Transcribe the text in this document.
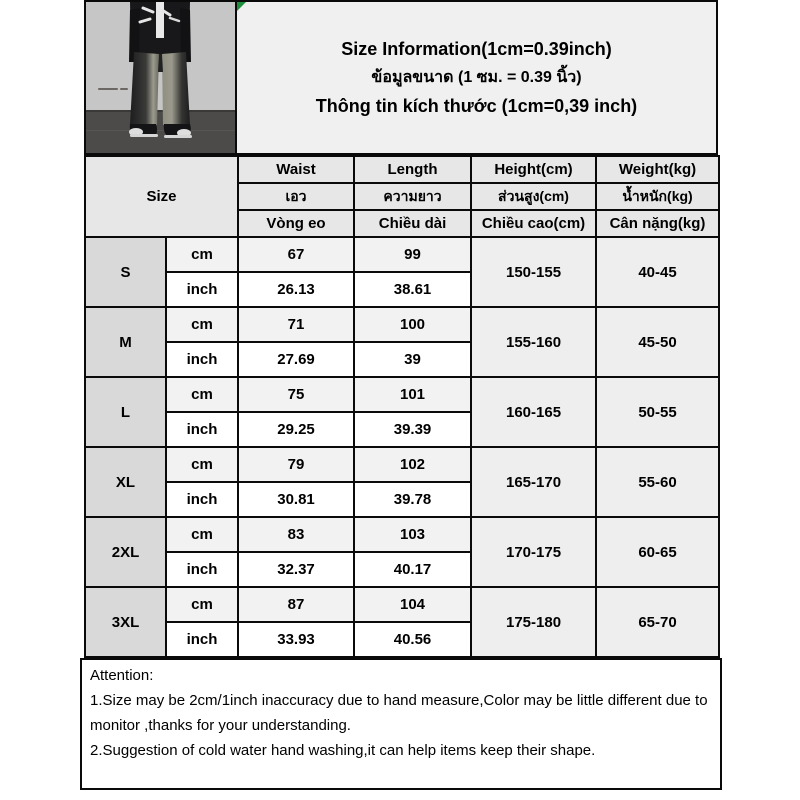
Size Information(1cm=0.39inch)
ข้อมูลขนาด (1 ซม. = 0.39 นิ้ว)
Thông tin kích thước (1cm=0,39 inch)
Size		Waist	Length	Height(cm)	Weight(kg)
		เอว	ความยาว	ส่วนสูง(cm)	น้ำหนัก(kg)
		Vòng eo	Chiều dài	Chiều cao(cm)	Cân nặng(kg)
S	cm	67	99	150-155	40-45
	inch	26.13	38.61		
M	cm	71	100	155-160	45-50
	inch	27.69	39		
L	cm	75	101	160-165	50-55
	inch	29.25	39.39		
XL	cm	79	102	165-170	55-60
	inch	30.81	39.78		
2XL	cm	83	103	170-175	60-65
	inch	32.37	40.17		
3XL	cm	87	104	175-180	65-70
	inch	33.93	40.56		
Attention:
1.Size may be 2cm/1inch inaccuracy due to hand measure,Color may be little different due to monitor ,thanks for your understanding.
2.Suggestion of cold water hand washing,it can help items keep their shape.
